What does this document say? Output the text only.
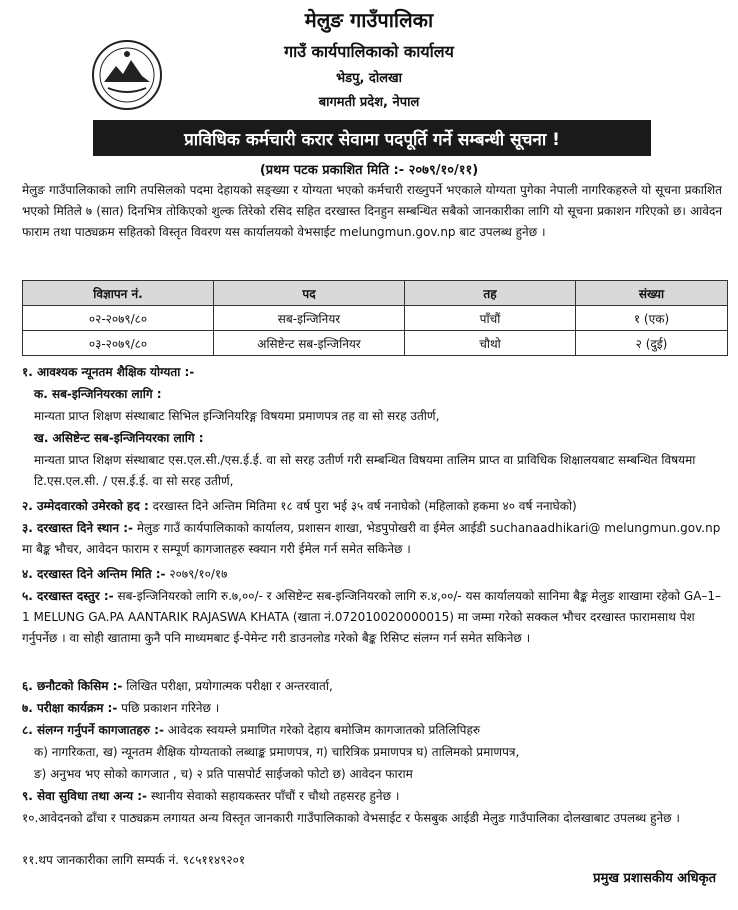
मेलुङ गाउँपालिका
गाउँ कार्यपालिकाको कार्यालय
भेडपु, दोलखा
बागमती प्रदेश, नेपाल
प्राविधिक कर्मचारी करार सेवामा पदपूर्ति गर्ने सम्बन्धी सूचना !
(प्रथम पटक प्रकाशित मिति :- २०७९/१०/११)
मेलुङ गाउँपालिकाको लागि तपसिलको पदमा देहायको सङ्ख्या र योग्यता भएको कर्मचारी राख्नुपर्ने भएकाले योग्यता पुगेका नेपाली नागरिकहरुले यो सूचना प्रकाशित भएको मितिले ७ (सात) दिनभित्र तोकिएको शुल्क तिरेको रसिद सहित दरखास्त दिनहुन सम्बन्धित सबैको जानकारीका लागि यो सूचना प्रकाशन गरिएको छ। आवेदन फाराम तथा पाठ्यक्रम सहितको विस्तृत विवरण यस कार्यालयको वेभसाईट melungmun.gov.np बाट उपलब्ध हुनेछ ।
विज्ञापन नं.	पद	तह	संख्या
०२-२०७९/८०	सब-इन्जिनियर	पाँचौं	१ (एक)
०३-२०७९/८०	असिष्टेन्ट सब-इन्जिनियर	चौथो	२ (दुई)
१. आवश्यक न्यूनतम शैक्षिक योग्यता :-
क. सब-इन्जिनियरका लागि :
मान्यता प्राप्त शिक्षण संस्थाबाट सिभिल इन्जिनियरिङ्ग विषयमा प्रमाणपत्र तह वा सो सरह उतीर्ण,
ख. असिष्टेन्ट सब-इन्जिनियरका लागि :
मान्यता प्राप्त शिक्षण संस्थाबाट एस.एल.सी./एस.ई.ई. वा सो सरह उतीर्ण गरी सम्बन्धित विषयमा तालिम प्राप्त वा प्राविधिक शिक्षालयबाट सम्बन्धित विषयमा टि.एस.एल.सी. / एस.ई.ई. वा सो सरह उतीर्ण,
२. उम्मेदवारको उमेरको हद : दरखास्त दिने अन्तिम मितिमा १८ वर्ष पुरा भई ३५ वर्ष ननाघेको (महिलाको हकमा ४० वर्ष ननाघेको)
३. दरखास्त दिने स्थान :- मेलुङ गाउँ कार्यपालिकाको कार्यालय, प्रशासन शाखा, भेडपुपोखरी वा ईमेल आईडी suchanaadhikari@ melungmun.gov.np मा बैङ्क भौचर, आवेदन फाराम र सम्पूर्ण कागजातहरु स्क्यान गरी ईमेल गर्न समेत सकिनेछ ।
४. दरखास्त दिने अन्तिम मिति :- २०७९/१०/१७
५. दरखास्त दस्तुर :- सब-इन्जिनियरको लागि रु.७,००/- र असिष्टेन्ट सब-इन्जिनियरको लागि रु.४,००/- यस कार्यालयको सानिमा बैङ्क मेलुङ शाखामा रहेको GA–1–1 MELUNG GA.PA AANTARIK RAJASWA KHATA (खाता नं.072010020000015) मा जम्मा गरेको सक्कल भौचर दरखास्त फारामसाथ पेश गर्नुपर्नेछ । वा सोही खातामा कुनै पनि माध्यमबाट ई-पेमेन्ट गरी डाउनलोड गरेको बैङ्क रिसिप्ट संलग्न गर्न समेत सकिनेछ ।
६. छनौटको किसिम :- लिखित परीक्षा, प्रयोगात्मक परीक्षा र अन्तरवार्ता,
७. परीक्षा कार्यक्रम :- पछि प्रकाशन गरिनेछ ।
८. संलग्न गर्नुपर्ने कागजातहरु :- आवेदक स्वयम्ले प्रमाणित गरेको देहाय बमोजिम कागजातको प्रतिलिपिहरु
क) नागरिकता, ख) न्यूनतम शैक्षिक योग्यताको लब्धाङ्क प्रमाणपत्र, ग) चारित्रिक प्रमाणपत्र घ) तालिमको प्रमाणपत्र,
ङ) अनुभव भए सोको कागजात , च) २ प्रति पासपोर्ट साईजको फोटो छ) आवेदन फाराम
९. सेवा सुविधा तथा अन्य :- स्थानीय सेवाको सहायकस्तर पाँचौं र चौथो तहसरह हुनेछ ।
१०.आवेदनको ढाँचा र पाठ्यक्रम लगायत अन्य विस्तृत जानकारी गाउँपालिकाको वेभसाईट र फेसबुक आईडी मेलुङ गाउँपालिका दोलखाबाट उपलब्ध हुनेछ ।
११.थप जानकारीका लागि सम्पर्क नं. ९८५११४९२०१
प्रमुख प्रशासकीय अधिकृत
